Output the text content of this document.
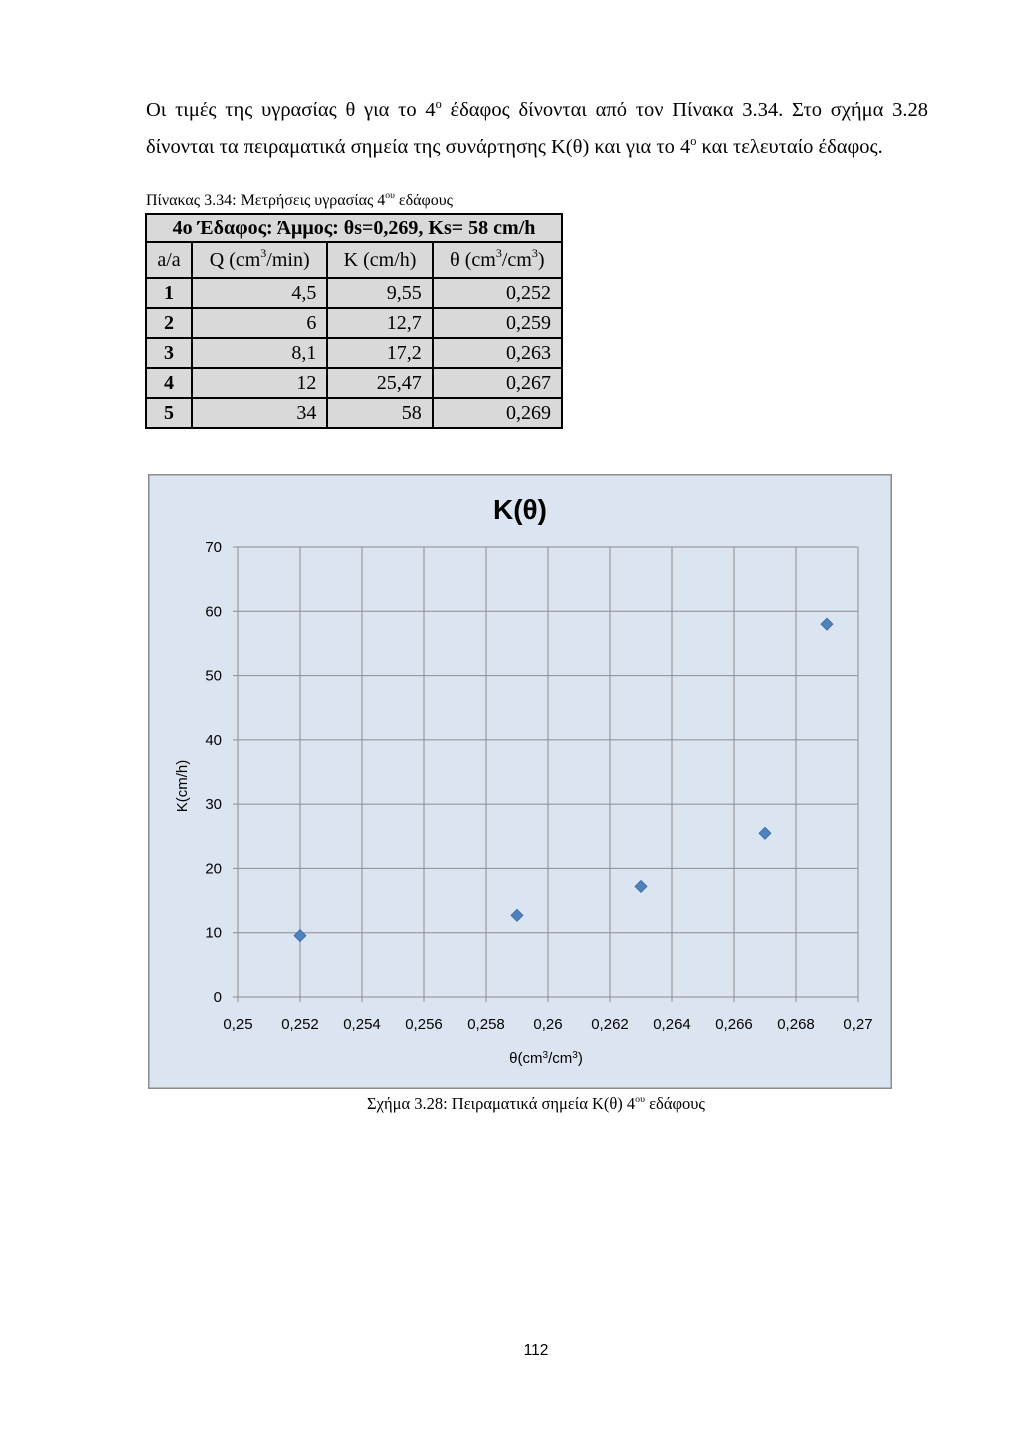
Οι τιμές της υγρασίας θ για το $4^o$ έδαφος δίνονται από τον Πίνακα 3.34. Στο σχήμα 3.28
δίνονται τα πειραματικά σημεία της συνάρτησης Κ(θ) και για το $4^o$ και τελευταίο έδαφος.
Πίνακας 3.34: Μετρήσεις υγρασίας $4^{o\upsilon}$ εδάφους
4ο Έδαφος: Άμμος: θs=0,269, Ks= 58 cm/h			
a/a	Q $(cm^3/\min)$	K (cm/h)	θ $(cm^3/cm^3)$
1	4,5	9,55	0,252
2	6	12,7	0,259
3	8,1	17,2	0,263
4	12	25,47	0,267
5	34	58	0,269
0,25 0,252 0,254 0,256 0,258 0,26 0,262 0,264 0,266 0,268 0,27
0
10
20
30
40
50
60
70
Κ(θ)
K(cm/h)
$\theta(cm^3/cm^3)$
Σχήμα 3.28: Πειραματικά σημεία Κ(θ) $4^{o\upsilon}$ εδάφους
112
